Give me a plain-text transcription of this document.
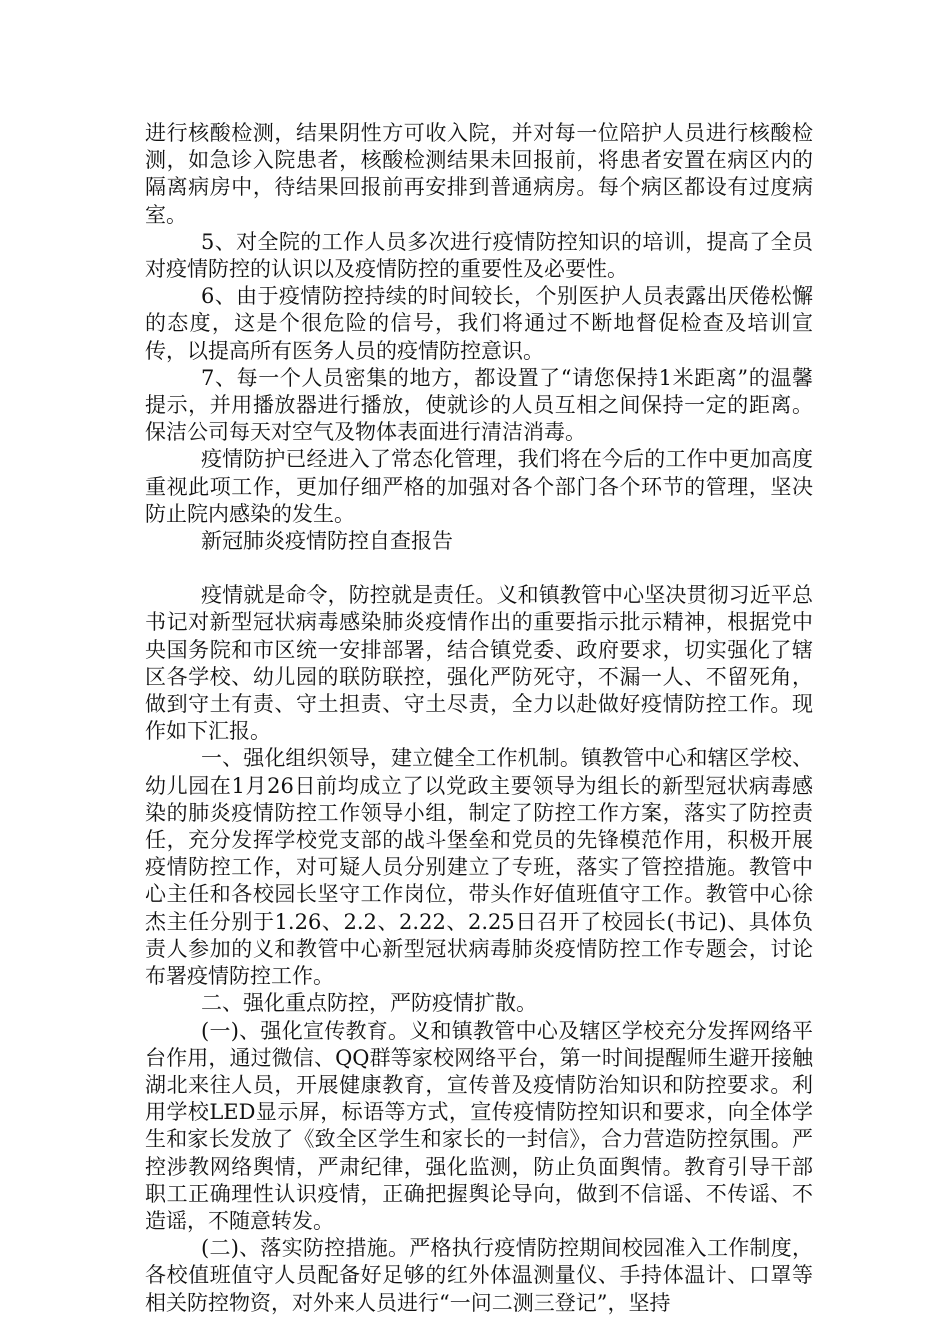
进行核酸检测，结果阴性方可收入院，并对每一位陪护人员进行核酸检测，如急诊入院患者，核酸检测结果未回报前，将患者安置在病区内的隔离病房中，待结果回报前再安排到普通病房。每个病区都设有过度病室。

5、对全院的工作人员多次进行疫情防控知识的培训，提高了全员对疫情防控的认识以及疫情防控的重要性及必要性。

6、由于疫情防控持续的时间较长，个别医护人员表露出厌倦松懈的态度，这是个很危险的信号，我们将通过不断地督促检查及培训宣传，以提高所有医务人员的疫情防控意识。

7、每一个人员密集的地方，都设置了“请您保持1米距离”的温馨提示，并用播放器进行播放，使就诊的人员互相之间保持一定的距离。保洁公司每天对空气及物体表面进行清洁消毒。

疫情防护已经进入了常态化管理，我们将在今后的工作中更加高度重视此项工作，更加仔细严格的加强对各个部门各个环节的管理，坚决防止院内感染的发生。

新冠肺炎疫情防控自查报告

疫情就是命令，防控就是责任。义和镇教管中心坚决贯彻习近平总书记对新型冠状病毒感染肺炎疫情作出的重要指示批示精神，根据党中央国务院和市区统一安排部署，结合镇党委、政府要求，切实强化了辖区各学校、幼儿园的联防联控，强化严防死守，不漏一人、不留死角，做到守土有责、守土担责、守土尽责，全力以赴做好疫情防控工作。现作如下汇报。

一、强化组织领导，建立健全工作机制。镇教管中心和辖区学校、幼儿园在1月26日前均成立了以党政主要领导为组长的新型冠状病毒感染的肺炎疫情防控工作领导小组，制定了防控工作方案，落实了防控责任，充分发挥学校党支部的战斗堡垒和党员的先锋模范作用，积极开展疫情防控工作，对可疑人员分别建立了专班，落实了管控措施。教管中心主任和各校园长坚守工作岗位，带头作好值班值守工作。教管中心徐杰主任分别于1.26、2.2、2.22、2.25日召开了校园长(书记)、具体负责人参加的义和教管中心新型冠状病毒肺炎疫情防控工作专题会，讨论布署疫情防控工作。

二、强化重点防控，严防疫情扩散。

(一)、强化宣传教育。义和镇教管中心及辖区学校充分发挥网络平台作用，通过微信、QQ群等家校网络平台，第一时间提醒师生避开接触湖北来往人员，开展健康教育，宣传普及疫情防治知识和防控要求。利用学校LED显示屏，标语等方式，宣传疫情防控知识和要求，向全体学生和家长发放了《致全区学生和家长的一封信》，合力营造防控氛围。严控涉教网络舆情，严肃纪律，强化监测，防止负面舆情。教育引导干部职工正确理性认识疫情，正确把握舆论导向，做到不信谣、不传谣、不造谣，不随意转发。

(二)、落实防控措施。严格执行疫情防控期间校园准入工作制度，各校值班值守人员配备好足够的红外体温测量仪、手持体温计、口罩等相关防控物资，对外来人员进行“一问二测三登记”，坚持
